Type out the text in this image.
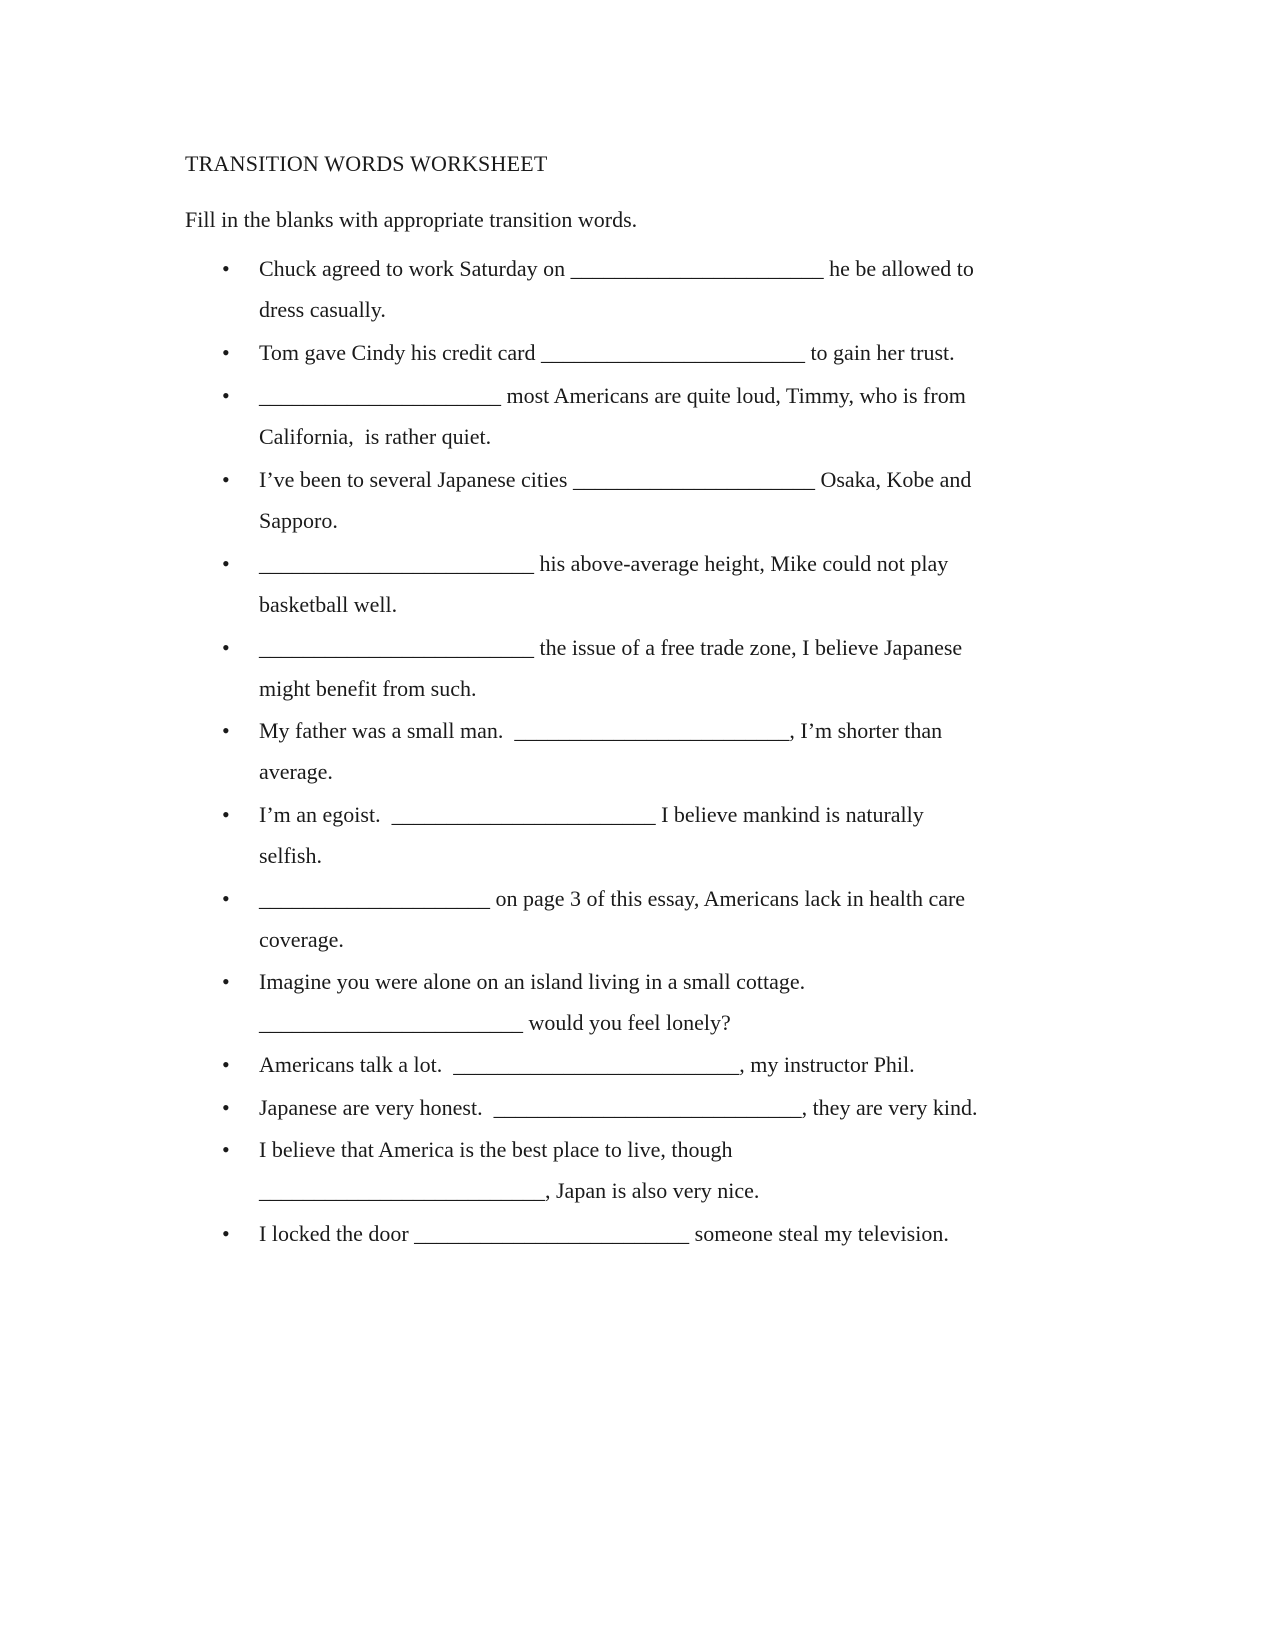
TRANSITION WORDS WORKSHEET
Fill in the blanks with appropriate transition words.
• Chuck agreed to work Saturday on _______________________ he be allowed to
dress casually.
• Tom gave Cindy his credit card ________________________ to gain her trust.
• ______________________ most Americans are quite loud, Timmy, who is from
California,  is rather quiet.
• I’ve been to several Japanese cities ______________________ Osaka, Kobe and
Sapporo.
• _________________________ his above-average height, Mike could not play
basketball well.
• _________________________ the issue of a free trade zone, I believe Japanese
might benefit from such.
• My father was a small man.  _________________________, I’m shorter than
average.
• I’m an egoist.  ________________________ I believe mankind is naturally
selfish.
• _____________________ on page 3 of this essay, Americans lack in health care
coverage.
• Imagine you were alone on an island living in a small cottage.
________________________ would you feel lonely?
• Americans talk a lot.  __________________________, my instructor Phil.
• Japanese are very honest.  ____________________________, they are very kind.
• I believe that America is the best place to live, though
__________________________, Japan is also very nice.
• I locked the door _________________________ someone steal my television.
